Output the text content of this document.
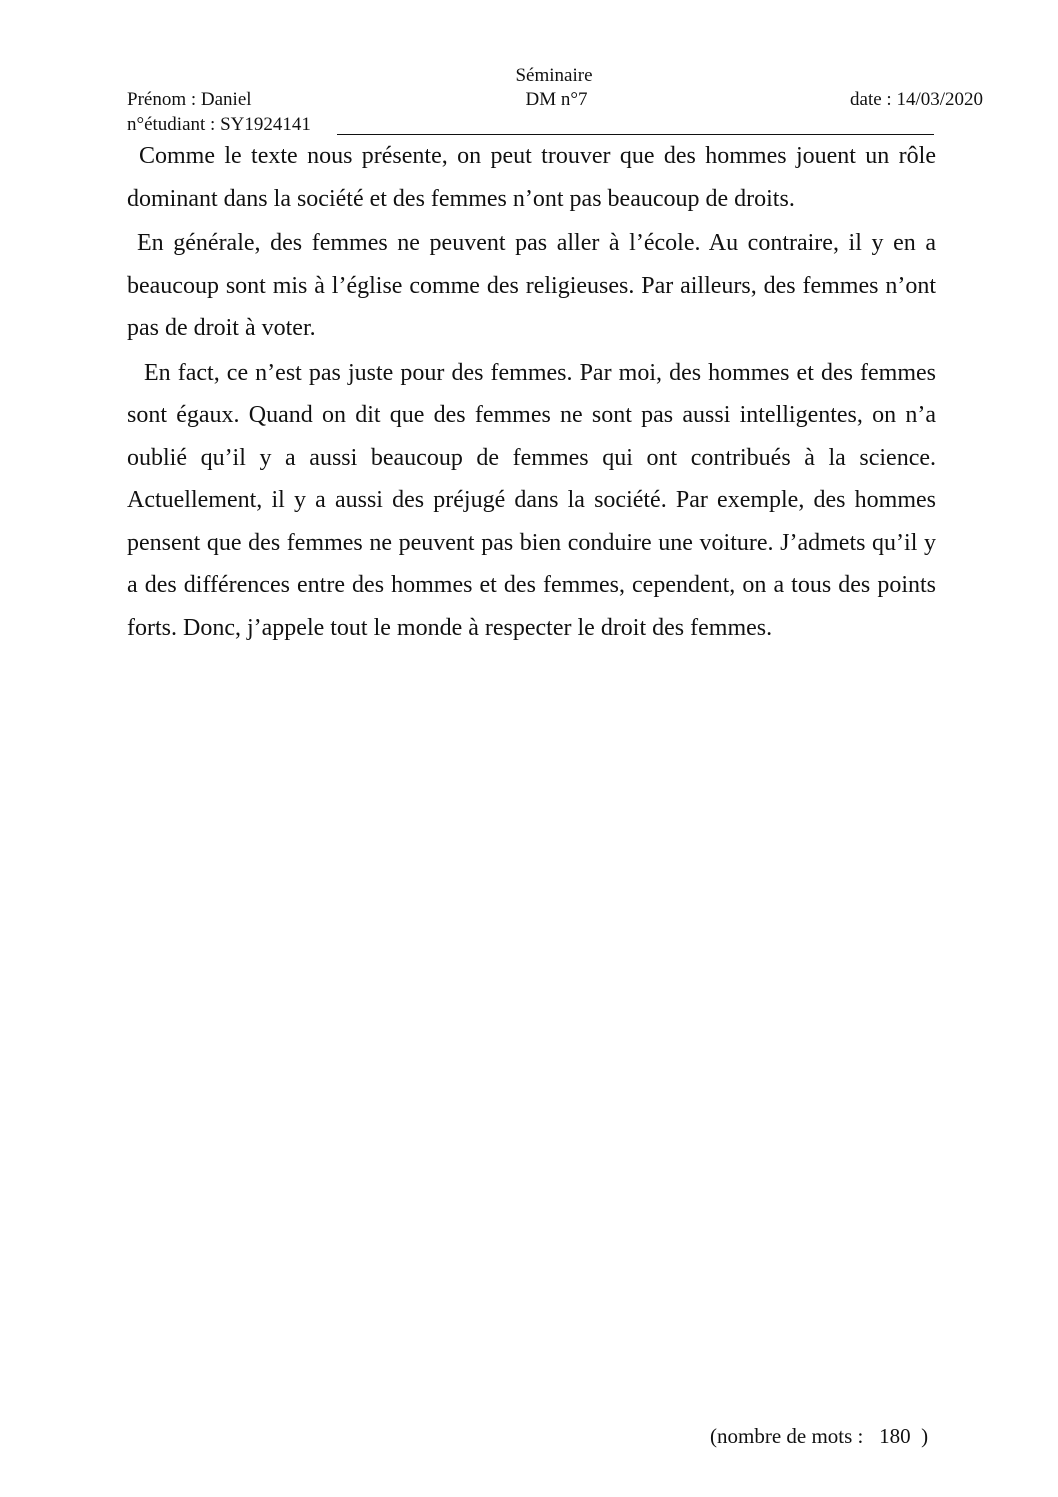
Séminaire
Prénom : Daniel	DM n°7	date : 14/03/2020
n°étudiant : SY1924141

Comme le texte nous présente, on peut trouver que des hommes jouent un rôle dominant dans la société et des femmes n’ont pas beaucoup de droits.

En générale, des femmes ne peuvent pas aller à l’école. Au contraire, il y en a beaucoup sont mis à l’église comme des religieuses. Par ailleurs, des femmes n’ont pas de droit à voter.

En fact, ce n’est pas juste pour des femmes. Par moi, des hommes et des femmes sont égaux. Quand on dit que des femmes ne sont pas aussi intelligentes, on n’a oublié qu’il y a aussi beaucoup de femmes qui ont contribués à la science. Actuellement, il y a aussi des préjugé dans la société. Par exemple, des hommes pensent que des femmes ne peuvent pas bien conduire une voiture. J’admets qu’il y a des différences entre des hommes et des femmes, cependent, on a tous des points forts. Donc, j’appele tout le monde à respecter le droit des femmes.

(nombre de mots :   180  )
